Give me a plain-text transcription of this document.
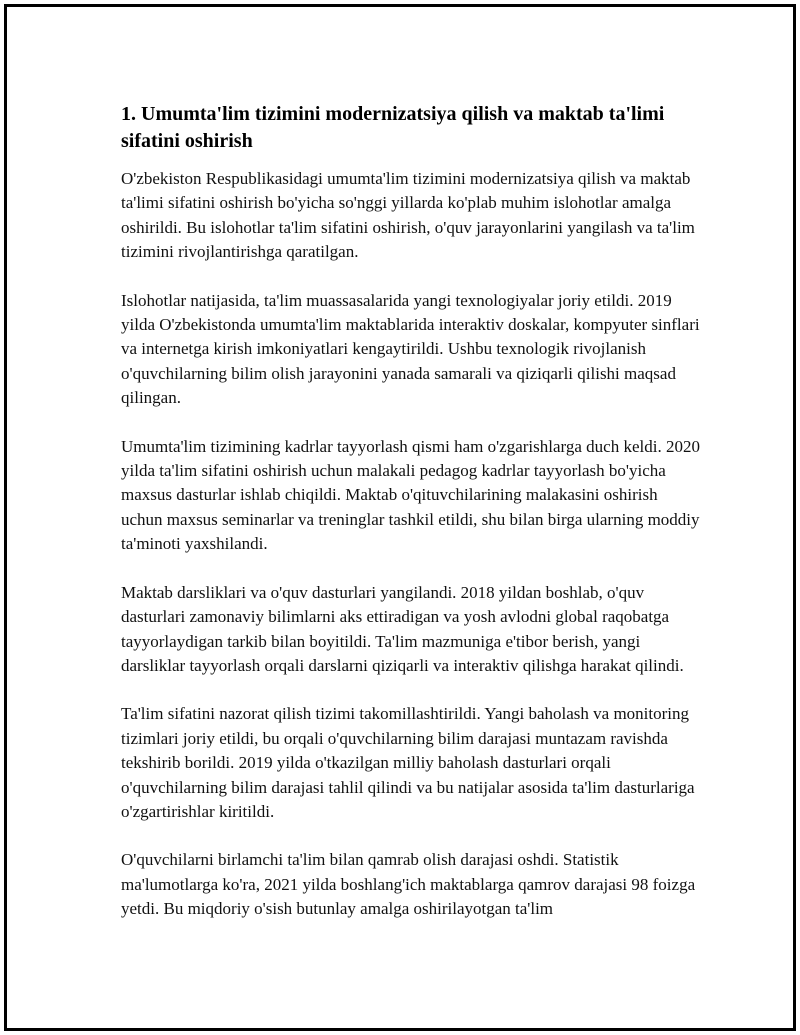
1. Umumta'lim tizimini modernizatsiya qilish va maktab ta'limi sifatini oshirish

O'zbekiston Respublikasidagi umumta'lim tizimini modernizatsiya qilish va maktab ta'limi sifatini oshirish bo'yicha so'nggi yillarda ko'plab muhim islohotlar amalga oshirildi. Bu islohotlar ta'lim sifatini oshirish, o'quv jarayonlarini yangilash va ta'lim tizimini rivojlantirishga qaratilgan.

Islohotlar natijasida, ta'lim muassasalarida yangi texnologiyalar joriy etildi. 2019 yilda O'zbekistonda umumta'lim maktablarida interaktiv doskalar, kompyuter sinflari va internetga kirish imkoniyatlari kengaytirildi. Ushbu texnologik rivojlanish o'quvchilarning bilim olish jarayonini yanada samarali va qiziqarli qilishi maqsad qilingan.

Umumta'lim tizimining kadrlar tayyorlash qismi ham o'zgarishlarga duch keldi. 2020 yilda ta'lim sifatini oshirish uchun malakali pedagog kadrlar tayyorlash bo'yicha maxsus dasturlar ishlab chiqildi. Maktab o'qituvchilarining malakasini oshirish uchun maxsus seminarlar va treninglar tashkil etildi, shu bilan birga ularning moddiy ta'minoti yaxshilandi.

Maktab darsliklari va o'quv dasturlari yangilandi. 2018 yildan boshlab, o'quv dasturlari zamonaviy bilimlarni aks ettiradigan va yosh avlodni global raqobatga tayyorlaydigan tarkib bilan boyitildi. Ta'lim mazmuniga e'tibor berish, yangi darsliklar tayyorlash orqali darslarni qiziqarli va interaktiv qilishga harakat qilindi.

Ta'lim sifatini nazorat qilish tizimi takomillashtirildi. Yangi baholash va monitoring tizimlari joriy etildi, bu orqali o'quvchilarning bilim darajasi muntazam ravishda tekshirib borildi. 2019 yilda o'tkazilgan milliy baholash dasturlari orqali o'quvchilarning bilim darajasi tahlil qilindi va bu natijalar asosida ta'lim dasturlariga o'zgartirishlar kiritildi.

O'quvchilarni birlamchi ta'lim bilan qamrab olish darajasi oshdi. Statistik ma'lumotlarga ko'ra, 2021 yilda boshlang'ich maktablarga qamrov darajasi 98 foizga yetdi. Bu miqdoriy o'sish butunlay amalga oshirilayotgan ta'lim
